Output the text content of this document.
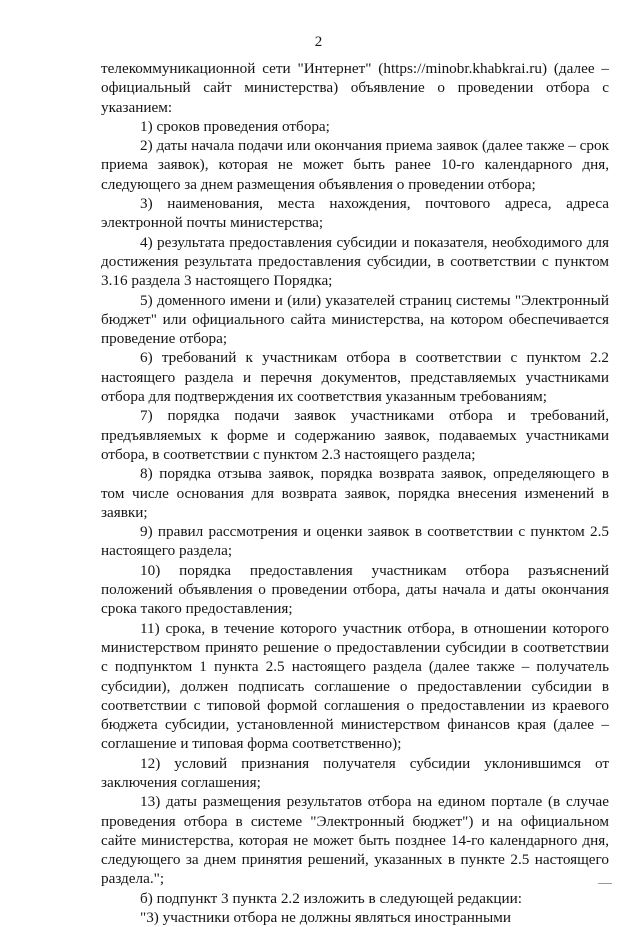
2

телекоммуникационной сети "Интернет" (https://minobr.khabkrai.ru) (далее – официальный сайт министерства) объявление о проведении отбора с указанием:

1) сроков проведения отбора;

2) даты начала подачи или окончания приема заявок (далее также – срок приема заявок), которая не может быть ранее 10-го календарного дня, следующего за днем размещения объявления о проведении отбора;

3) наименования, места нахождения, почтового адреса, адреса электронной почты министерства;

4) результата предоставления субсидии и показателя, необходимого для достижения результата предоставления субсидии, в соответствии с пунктом 3.16 раздела 3 настоящего Порядка;

5) доменного имени и (или) указателей страниц системы "Электронный бюджет" или официального сайта министерства, на котором обеспечивается проведение отбора;

6) требований к участникам отбора в соответствии с пунктом 2.2 настоящего раздела и перечня документов, представляемых участниками отбора для подтверждения их соответствия указанным требованиям;

7) порядка подачи заявок участниками отбора и требований, предъявляемых к форме и содержанию заявок, подаваемых участниками отбора, в соответствии с пунктом 2.3 настоящего раздела;

8) порядка отзыва заявок, порядка возврата заявок, определяющего в том числе основания для возврата заявок, порядка внесения изменений в заявки;

9) правил рассмотрения и оценки заявок в соответствии с пунктом 2.5 настоящего раздела;

10) порядка предоставления участникам отбора разъяснений положений объявления о проведении отбора, даты начала и даты окончания срока такого предоставления;

11) срока, в течение которого участник отбора, в отношении которого министерством принято решение о предоставлении субсидии в соответствии с подпунктом 1 пункта 2.5 настоящего раздела (далее также – получатель субсидии), должен подписать соглашение о предоставлении субсидии в соответствии с типовой формой соглашения о предоставлении из краевого бюджета субсидии, установленной министерством финансов края (далее – соглашение и типовая форма соответственно);

12) условий признания получателя субсидии уклонившимся от заключения соглашения;

13) даты размещения результатов отбора на едином портале (в случае проведения отбора в системе "Электронный бюджет") и на официальном сайте министерства, которая не может быть позднее 14-го календарного дня, следующего за днем принятия решений, указанных в пункте 2.5 настоящего раздела.";

б) подпункт 3 пункта 2.2 изложить в следующей редакции:

"3) участники отбора не должны являться иностранными
